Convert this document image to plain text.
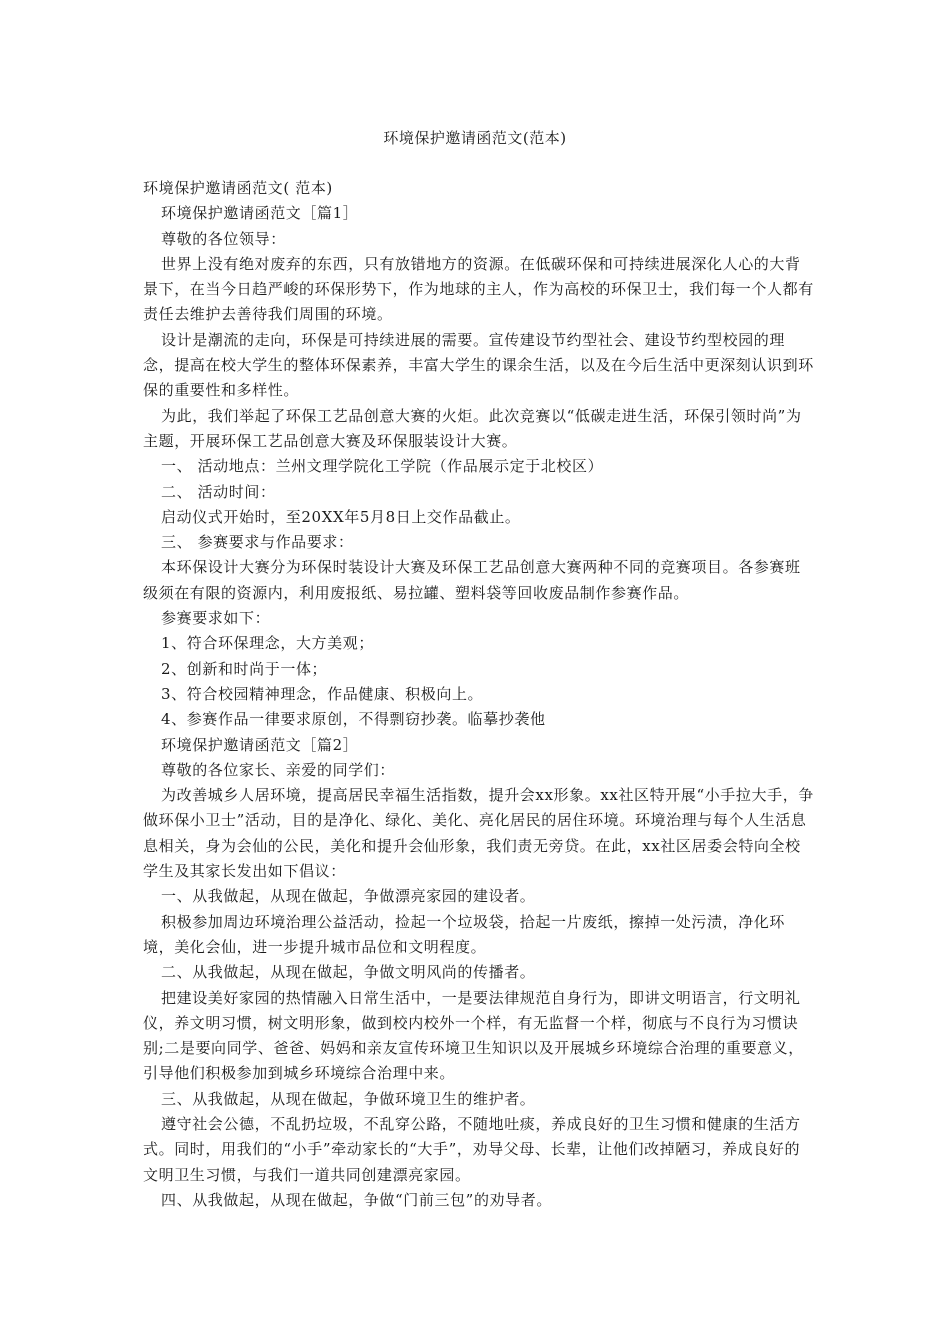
环境保护邀请函范文(范本)

环境保护邀请函范文( 范本)

环境保护邀请函范文［篇1］

尊敬的各位领导：

世界上没有绝对废弃的东西，只有放错地方的资源。在低碳环保和可持续进展深化人心的大背景下，在当今日趋严峻的环保形势下，作为地球的主人，作为高校的环保卫士，我们每一个人都有责任去维护去善待我们周围的环境。

设计是潮流的走向，环保是可持续进展的需要。宣传建设节约型社会、建设节约型校园的理念，提高在校大学生的整体环保素养，丰富大学生的课余生活，以及在今后生活中更深刻认识到环保的重要性和多样性。

为此，我们举起了环保工艺品创意大赛的火炬。此次竞赛以“低碳走进生活，环保引领时尚”为主题，开展环保工艺品创意大赛及环保服装设计大赛。

一、 活动地点：兰州文理学院化工学院（作品展示定于北校区）

二、 活动时间：

启动仪式开始时，至20XX年5月8日上交作品截止。

三、 参赛要求与作品要求：

本环保设计大赛分为环保时装设计大赛及环保工艺品创意大赛两种不同的竞赛项目。各参赛班级须在有限的资源内，利用废报纸、易拉罐、塑料袋等回收废品制作参赛作品。

参赛要求如下：

1、符合环保理念，大方美观；

2、创新和时尚于一体；

3、符合校园精神理念，作品健康、积极向上。

4、参赛作品一律要求原创，不得剽窃抄袭。临摹抄袭他

环境保护邀请函范文［篇2］

尊敬的各位家长、亲爱的同学们：

为改善城乡人居环境，提高居民幸福生活指数，提升会xx形象。xx社区特开展“小手拉大手，争做环保小卫士”活动，目的是净化、绿化、美化、亮化居民的居住环境。环境治理与每个人生活息息相关，身为会仙的公民，美化和提升会仙形象，我们责无旁贷。在此，xx社区居委会特向全校学生及其家长发出如下倡议：

一、从我做起，从现在做起，争做漂亮家园的建设者。

积极参加周边环境治理公益活动，捡起一个垃圾袋，拾起一片废纸，擦掉一处污渍，净化环境，美化会仙，进一步提升城市品位和文明程度。

二、从我做起，从现在做起，争做文明风尚的传播者。

把建设美好家园的热情融入日常生活中，一是要法律规范自身行为，即讲文明语言，行文明礼仪，养文明习惯，树文明形象，做到校内校外一个样，有无监督一个样，彻底与不良行为习惯诀别;二是要向同学、爸爸、妈妈和亲友宣传环境卫生知识以及开展城乡环境综合治理的重要意义，引导他们积极参加到城乡环境综合治理中来。

三、从我做起，从现在做起，争做环境卫生的维护者。

遵守社会公德，不乱扔垃圾，不乱穿公路，不随地吐痰，养成良好的卫生习惯和健康的生活方式。同时，用我们的“小手”牵动家长的“大手”，劝导父母、长辈，让他们改掉陋习，养成良好的文明卫生习惯，与我们一道共同创建漂亮家园。

四、从我做起，从现在做起，争做“门前三包”的劝导者。
